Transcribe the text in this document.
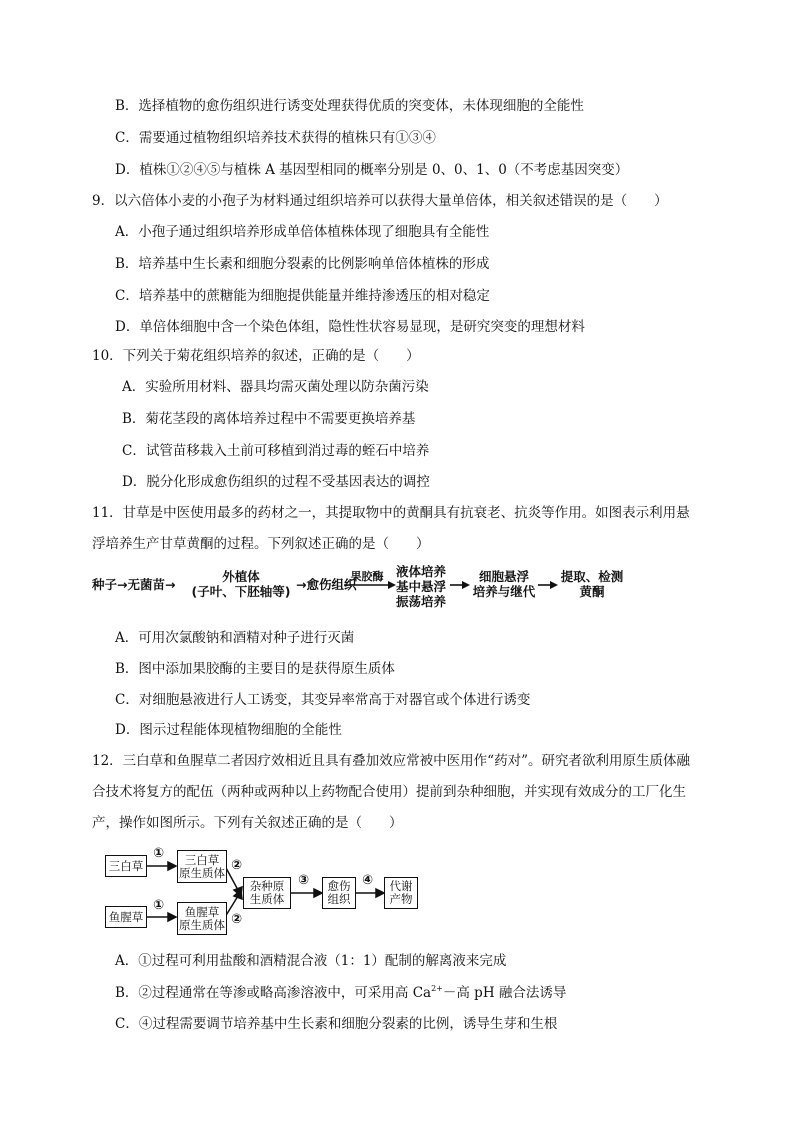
B．选择植物的愈伤组织进行诱变处理获得优质的突变体，未体现细胞的全能性
C．需要通过植物组织培养技术获得的植株只有①③④
D．植株①②④⑤与植株 A 基因型相同的概率分别是 0、0、1、0（不考虑基因突变）
9．以六倍体小麦的小孢子为材料通过组织培养可以获得大量单倍体，相关叙述错误的是（　　）
A．小孢子通过组织培养形成单倍体植株体现了细胞具有全能性
B．培养基中生长素和细胞分裂素的比例影响单倍体植株的形成
C．培养基中的蔗糖能为细胞提供能量并维持渗透压的相对稳定
D．单倍体细胞中含一个染色体组，隐性性状容易显现，是研究突变的理想材料
10．下列关于菊花组织培养的叙述，正确的是（　　）
A．实验所用材料、器具均需灭菌处理以防杂菌污染
B．菊花茎段的离体培养过程中不需要更换培养基
C．试管苗移栽入土前可移植到消过毒的蛭石中培养
D．脱分化形成愈伤组织的过程不受基因表达的调控
11．甘草是中医使用最多的药材之一，其提取物中的黄酮具有抗衰老、抗炎等作用。如图表示利用悬
浮培养生产甘草黄酮的过程。下列叙述正确的是（　　）
种子→无菌苗→
外植体
(子叶、下胚轴等) →愈伤组织
果胶酶 液体培养
基中悬浮
振荡培养
细胞悬浮
培养与继代
提取、检测
黄酮
A．可用次氯酸钠和酒精对种子进行灭菌
B．图中添加果胶酶的主要目的是获得原生质体
C．对细胞悬液进行人工诱变，其变异率常高于对器官或个体进行诱变
D．图示过程能体现植物细胞的全能性
12．三白草和鱼腥草二者因疗效相近且具有叠加效应常被中医用作“药对”。研究者欲利用原生质体融
合技术将复方的配伍（两种或两种以上药物配合使用）提前到杂种细胞，并实现有效成分的工厂化生
产，操作如图所示。下列有关叙述正确的是（　　）
三白草	三白草
原生质体
鱼腥草	鱼腥草
原生质体
杂种原
生质体
愈伤
组织
代谢
产物
①
①
②
②
③	④
A．①过程可利用盐酸和酒精混合液（1：1）配制的解离液来完成
B．②过程通常在等渗或略高渗溶液中，可采用高 $Ca^{2+}-$高 pH 融合法诱导
C．④过程需要调节培养基中生长素和细胞分裂素的比例，诱导生芽和生根
